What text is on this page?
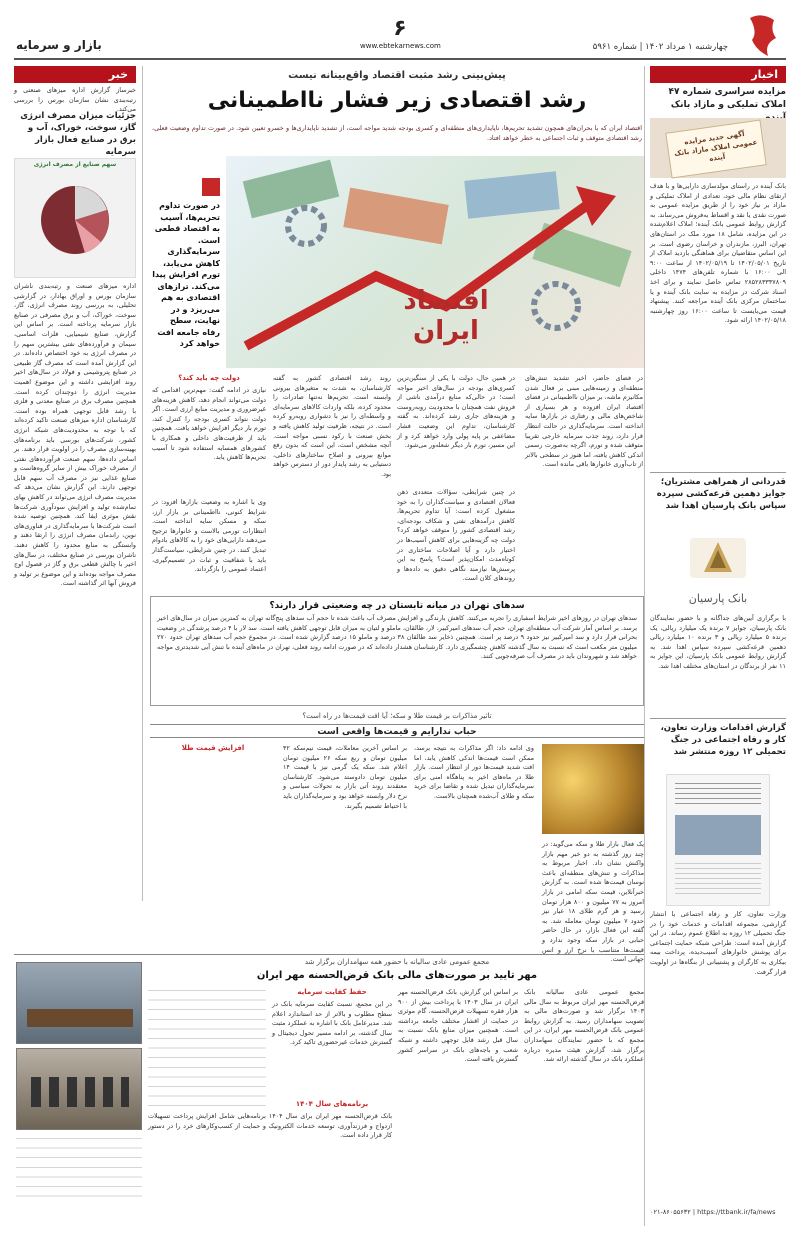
چهارشنبه ۱ مرداد ۱۴۰۲ | شماره ۵۹۶۱
۶
www.ebtekarnews.com
بازار و سرمایه
اخبار
مزایده سراسری شماره ۴۷ املاک تملیکی و مازاد بانک
آگهی جدید مزایده عمومی املاک مازاد بانک آینده
بانک آینده در راستای مولدسازی دارایی‌ها و با هدف ارتقای نظام مالی خود، تعدادی از املاک تملیکی و مازاد بر نیاز خود را از طریق مزایده عمومی به صورت نقدی یا نقد و اقساط به‌فروش می‌رساند. به گزارش روابط عمومی بانک آینده؛ املاک اعلام‌شده در این مزایده، شامل ۱۸ مورد ملک در استان‌های تهران، البرز، مازندران و خراسان رضوی است. بر این اساس متقاضیان برای هماهنگی بازدید املاک از تاریخ ۱۴۰۲/۰۵/۰۱ تا ۱۴۰۲/۰۵/۱۹ از ساعت ۹:۰۰ الی ۱۶:۰۰ با شماره تلفن‌های ۱۴۷۴ داخلی ۲۸۵۲۸۳۳۳۷۸۰۹ تماس حاصل نمایند و برای اخذ اسناد شرکت در مزایده به سایت بانک آینده و یا ساختمان مرکزی بانک آینده مراجعه کنند. پیشنهاد قیمت می‌بایست تا ساعت ۱۶:۰۰ روز چهارشنبه ۱۴۰۲/۰۵/۱۸ ارائه شود.
قدردانی از همراهی مشتریان؛ جوایز دهمین قرعه‌کشی سپرده سپاس بانک پارسیان اهدا شد
بانک پارسیان
با برگزاری آیین‌های جداگانه و با حضور نمایندگان بانک پارسیان، جوایز ۷ برنده یک میلیارد ریالی، یک برنده ۵ میلیارد ریالی و ۳ برنده ۱۰ میلیارد ریالی دهمین قرعه‌کشی سپرده سپاس اهدا شد. به گزارش روابط عمومی بانک پارسیان، این جوایز به ۱۱ نفر از برندگان در استان‌های مختلف اهدا شد.
گزارش اقدامات وزارت تعاون، کار و رفاه اجتماعی در جنگ تحمیلی ۱۲ روزه منتشر شد
وزارت تعاون، کار و رفاه اجتماعی با انتشار گزارشی، مجموعه اقدامات و خدمات خود را در جنگ تحمیلی ۱۲ روزه به اطلاع عموم رساند. در این گزارش آمده است: طراحی شبکه حمایت اجتماعی برای پوشش خانوارهای آسیب‌دیده، پرداخت بیمه بیکاری به کارگران و پشتیبانی از بنگاه‌ها در اولویت قرار گرفت.
۰۲۱-۸۶۰۵۵۶۳۲ | https://ttbank.ir/fa/news
خبر
خبرساز گزارش اداره میزهای صنعتی و رتبه‌بندی نشان سازمان بورس را بررسی می‌کند.
جزئیات میزان مصرف انرژی گاز، سوخت، خوراک، آب و برق در صنایع فعال بازار سرمایه
سهم صنایع از مصرف انرژی
اداره میزهای صنعت و رتبه‌بندی ناشران سازمان بورس و اوراق بهادار، در گزارشی تحلیلی، به بررسی روند مصرف انرژی، گاز، سوخت، خوراک، آب و برق مصرفی در صنایع بازار سرمایه پرداخته است. بر اساس این گزارش، صنایع شیمیایی، فلزات اساسی، سیمان و فرآورده‌های نفتی بیشترین سهم را در مصرف انرژی به خود اختصاص داده‌اند. در این گزارش آمده است که مصرف گاز طبیعی در صنایع پتروشیمی و فولاد در سال‌های اخیر روند افزایشی داشته و این موضوع اهمیت مدیریت انرژی را دوچندان کرده است. همچنین مصرف برق در صنایع معدنی و فلزی با رشد قابل توجهی همراه بوده است. کارشناسان اداره میزهای صنعت تاکید کرده‌اند که با توجه به محدودیت‌های شبکه انرژی کشور، شرکت‌های بورسی باید برنامه‌های بهینه‌سازی مصرف را در اولویت قرار دهند. بر اساس داده‌ها، سهم صنعت فرآورده‌های نفتی از مصرف خوراک بیش از سایر گروه‌هاست و صنایع غذایی نیز در مصرف آب سهم قابل توجهی دارند. این گزارش نشان می‌دهد که مدیریت مصرف انرژی می‌تواند در کاهش بهای تمام‌شده تولید و افزایش سودآوری شرکت‌ها نقش موثری ایفا کند. همچنین توصیه شده است شرکت‌ها با سرمایه‌گذاری در فناوری‌های نوین، راندمان مصرف انرژی را ارتقا دهند و وابستگی به منابع محدود را کاهش دهند. ناشران بورسی در صنایع مختلف، در سال‌های اخیر با چالش قطعی برق و گاز در فصول اوج مصرف مواجه بوده‌اند و این موضوع بر تولید و فروش آنها اثر گذاشته است.
پیش‌بینی رشد مثبت اقتصاد واقع‌بینانه نیست
رشد اقتصادی زیر فشار نااطمینانی
اقتصاد ایران که با بحران‌های همچون تشدید تحریم‌ها، ناپایداری‌های منطقه‌ای و کسری بودجه شدید مواجه است، از تشدید ناپایداری‌ها و خسرو تعیین شود. در صورت تداوم وضعیت فعلی، رشد اقتصادی متوقف و ثبات اجتماعی به خطر خواهد افتاد.
اقتصاد ایران
در صورت تداوم تحریم‌ها، آسیب به اقتصاد قطعی است. سرمایه‌گذاری کاهش می‌یابد، تورم افزایش پیدا می‌کند. ترازهای اقتصادی به هم می‌ریزد و در نهایت، سطح رفاه جامعه افت خواهد کرد
در فضای حاضر، اخیر تشدید تنش‌های منطقه‌ای و زمینه‌هایی مبنی بر فعال شدن مکانیزم ماشه، بر میزان نااطمینانی در فضای اقتصاد ایران افزوده و هر بسیاری از شاخص‌های مالی و رفتاری در بازارها سایه انداخته است. سرمایه‌گذاری در حالت انتظار قرار دارد، روند جذب سرمایه خارجی تقریبا متوقف شده و تورم، اگرچه به‌صورت رسمی اندکی کاهش یافته، اما هنوز در سطحی بالاتر از تاب‌آوری خانوارها باقی مانده است.
در همین حال، دولت با یکی از سنگین‌ترین کسری‌های بودجه در سال‌های اخیر مواجه است؛ در حالی‌که منابع درآمدی ناشی از فروش نفت همچنان با محدودیت روبه‌روست و هزینه‌های جاری رشد کرده‌اند. به گفته کارشناسان، تداوم این وضعیت فشار مضاعفی بر پایه پولی وارد خواهد کرد و از این مسیر، تورم بار دیگر شعله‌ور می‌شود.
در چنین شرایطی، سؤالات متعددی ذهن فعالان اقتصادی و سیاست‌گذاران را به خود مشغول کرده است: آیا تداوم تحریم‌ها، کاهش درآمدهای نفتی و شکاف بودجه‌ای، رشد اقتصادی کشور را متوقف خواهد کرد؟ دولت چه گزینه‌هایی برای کاهش آسیب‌ها در اختیار دارد و آیا اصلاحات ساختاری در کوتاه‌مدت امکان‌پذیر است؟ پاسخ به این پرسش‌ها نیازمند نگاهی دقیق به داده‌ها و روندهای کلان است.
روند رشد اقتصادی کشور به گفته کارشناسان، به شدت به متغیرهای بیرونی وابسته است. تحریم‌ها نه‌تنها صادرات را محدود کرده، بلکه واردات کالاهای سرمایه‌ای و واسطه‌ای را نیز با دشواری روبه‌رو کرده است. در نتیجه، ظرفیت تولید کاهش یافته و بخش صنعت با رکود نسبی مواجه است. آنچه مشخص است، این است که بدون رفع موانع بیرونی و اصلاح ساختارهای داخلی، دستیابی به رشد پایدار دور از دسترس خواهد بود.
دولت چه باید کند؟
نیازی در ادامه گفت: مهم‌ترین اقدامی که دولت می‌تواند انجام دهد، کاهش هزینه‌های غیرضروری و مدیریت منابع ارزی است. اگر دولت نتواند کسری بودجه را کنترل کند، تورم بار دیگر افزایش خواهد یافت. همچنین باید از ظرفیت‌های داخلی و همکاری با کشورهای همسایه استفاده شود تا آسیب تحریم‌ها کاهش یابد.
وی با اشاره به وضعیت بازارها افزود: در شرایط کنونی، نااطمینانی بر بازار ارز، سکه و مسکن سایه انداخته است. انتظارات تورمی بالاست و خانوارها ترجیح می‌دهند دارایی‌های خود را به کالاهای بادوام تبدیل کنند. در چنین شرایطی، سیاست‌گذار باید با شفافیت و ثبات در تصمیم‌گیری، اعتماد عمومی را بازگرداند.
سدهای تهران در میانه تابستان در چه وضعیتی قرار دارند؟
سدهای تهران در روزهای اخیر شرایط اسفباری را تجربه می‌کنند. کاهش بارندگی و افزایش مصرف آب باعث شده تا حجم آب سدهای پنج‌گانه تهران به کمترین میزان در سال‌های اخیر برسد. بر اساس آمار شرکت آب منطقه‌ای تهران، حجم آب سدهای امیرکبیر، لار، طالقان، ماملو و لتیان به میزان قابل توجهی کاهش یافته است. سد لار با ۴ درصد پرشدگی در وضعیت بحرانی قرار دارد و سد امیرکبیر نیز حدود ۹ درصد پر است. همچنین ذخایر سد طالقان ۳۸ درصد و ماملو ۱۵ درصد گزارش شده است. در مجموع حجم آب سدهای تهران حدود ۲۷۰ میلیون متر مکعب است که نسبت به سال گذشته کاهش چشمگیری دارد. کارشناسان هشدار داده‌اند که در صورت ادامه روند فعلی، تهران در ماه‌های آینده با تنش آبی شدیدتری مواجه خواهد شد و شهروندان باید در مصرف آب صرفه‌جویی کنند.
تاثیر مذاکرات بر قیمت طلا و سکه؛ آیا افت قیمت‌ها در راه است؟
حباب ندارایم و قیمت‌ها واقعی است
یک فعال بازار طلا و سکه می‌گوید: در چند روز گذشته به دو خبر مهم بازار واکنش نشان داد. اخبار مربوط به مذاکرات و تنش‌های منطقه‌ای باعث نوسان قیمت‌ها شده است. به گزارش خبرآنلاین، قیمت سکه امامی در بازار امروز به ۷۷ میلیون و ۸۰۰ هزار تومان رسید و هر گرم طلای ۱۸ عیار نیز حدود ۷ میلیون تومان معامله شد. به گفته این فعال بازار، در حال حاضر حبابی در بازار سکه وجود ندارد و قیمت‌ها متناسب با نرخ ارز و انس جهانی است.
وی ادامه داد: اگر مذاکرات به نتیجه برسد، ممکن است قیمت‌ها اندکی کاهش یابد، اما افت شدید قیمت‌ها دور از انتظار است. بازار طلا در ماه‌های اخیر به پناهگاه امنی برای سرمایه‌گذاران تبدیل شده و تقاضا برای خرید سکه و طلای آب‌شده همچنان بالاست.
بر اساس آخرین معاملات، قیمت نیم‌سکه ۴۲ میلیون تومان و ربع سکه ۲۶ میلیون تومان اعلام شد. سکه یک گرمی نیز با قیمت ۱۴ میلیون تومان دادوستد می‌شود. کارشناسان معتقدند روند آتی بازار به تحولات سیاسی و نرخ دلار وابسته خواهد بود و سرمایه‌گذاران باید با احتیاط تصمیم بگیرند.
افزایش قیمت طلا
مجمع عمومی عادی سالیانه با حضور همه سهامداران برگزار شد
مهر تایید بر صورت‌های مالی بانک قرض‌الحسنه مهر ایران
مجمع عمومی عادی سالیانه بانک قرض‌الحسنه مهر ایران مربوط به سال مالی ۱۴۰۳ برگزار شد و صورت‌های مالی به تصویب سهامداران رسید. به گزارش روابط عمومی بانک قرض‌الحسنه مهر ایران، در این مجمع که با حضور نمایندگان سهامداران برگزار شد، گزارش هیئت مدیره درباره عملکرد بانک در سال گذشته ارائه شد.
بر اساس این گزارش، بانک قرض‌الحسنه مهر ایران در سال ۱۴۰۳ با پرداخت بیش از ۹۰۰ هزار فقره تسهیلات قرض‌الحسنه، گام موثری در حمایت از اقشار مختلف جامعه برداشته است. همچنین میزان منابع بانک نسبت به سال قبل رشد قابل توجهی داشته و شبکه شعب و باجه‌های بانک در سراسر کشور گسترش یافته است.
حفظ کفایت سرمایه
در این مجمع، نسبت کفایت سرمایه بانک در سطح مطلوب و بالاتر از حد استاندارد اعلام شد. مدیرعامل بانک با اشاره به عملکرد مثبت سال گذشته، بر ادامه مسیر تحول دیجیتال و گسترش خدمات غیرحضوری تاکید کرد.
برنامه‌های سال ۱۴۰۴
بانک قرض‌الحسنه مهر ایران برای سال ۱۴۰۴ برنامه‌هایی شامل افزایش پرداخت تسهیلات ازدواج و فرزندآوری، توسعه خدمات الکترونیک و حمایت از کسب‌وکارهای خرد را در دستور کار قرار داده است.
